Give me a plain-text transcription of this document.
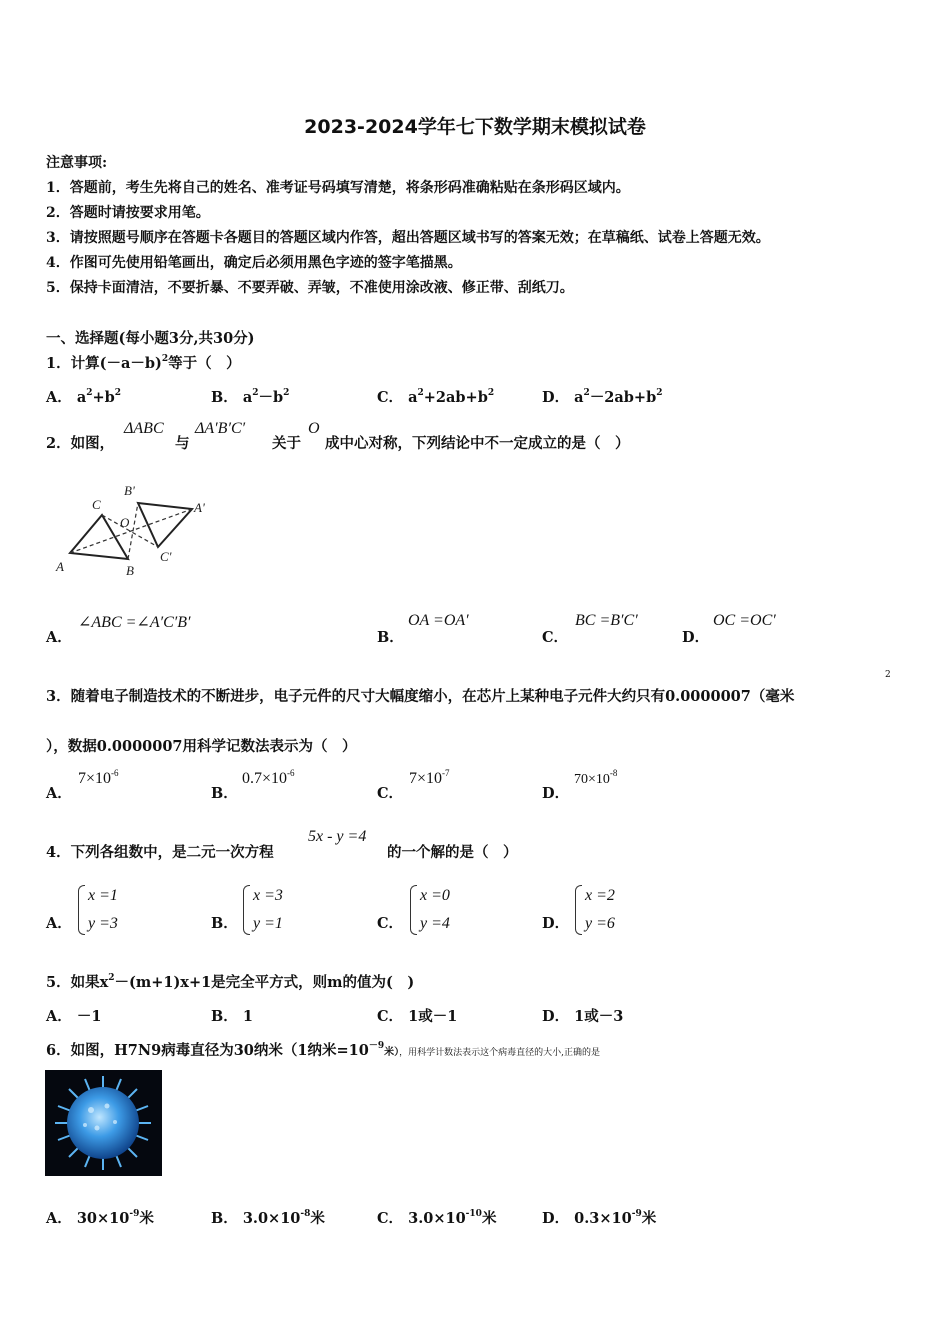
2023-2024学年七下数学期末模拟试卷
注意事项:
1．答题前，考生先将自己的姓名、准考证号码填写清楚，将条形码准确粘贴在条形码区域内。
2．答题时请按要求用笔。
3．请按照题号顺序在答题卡各题目的答题区域内作答，超出答题区域书写的答案无效；在草稿纸、试卷上答题无效。
4．作图可先使用铅笔画出，确定后必须用黑色字迹的签字笔描黑。
5．保持卡面清洁，不要折暴、不要弄破、弄皱，不准使用涂改液、修正带、刮纸刀。
一、选择题(每小题3分,共30分)
1．计算$(-a-b)^2$等于（　）
A． $a^2+b^2$	B． $a^2-b^2$	C． $a^2+2ab+b^2$	D． $a^2-2ab+b^2$
2．如图，
ΔABC
与
ΔA′B′C′
关于
O
成中心对称，下列结论中不一定成立的是（　）
A	B
C	A'
B'
C'
O
A．
∠ABC =∠A′C′B′
B．
OA =OA′
C．
BC =B′C′
D．
OC =OC′
3．随着电子制造技术的不断进步，电子元件的尺寸大幅度缩小，在芯片上某种电子元件大约只有0.0000007（毫米
2
），数据0.0000007用科学记数法表示为（　）
A．
$7\times 10^{-6}$
B．
$0.7\times 10^{-6}$
C．
$7\times 10^{-7}$
D．
$70\times 10^{-8}$
4．下列各组数中，是二元一次方程
5x - y =4
的一个解的是（　）
A．
x =1
y =3	B．
x =3
y =1	C．
x =0
y =4	D．
x =2
y =6
5．如果$x^2-(m+1)x+1$是完全平方式，则m的值为(　)
A． －1	B． 1	C． 1或－1	D． 1或－3
6．如图，H7N9病毒直径为30纳米（1纳米$=10^{-9}$米），用科学计数法表示这个病毒直径的大小,正确的是
A． $30\times 10^{-9}$米	B． $3.0\times 10^{-8}$米	C． $3.0\times 10^{-10}$米	D． $0.3\times 10^{-9}$米
